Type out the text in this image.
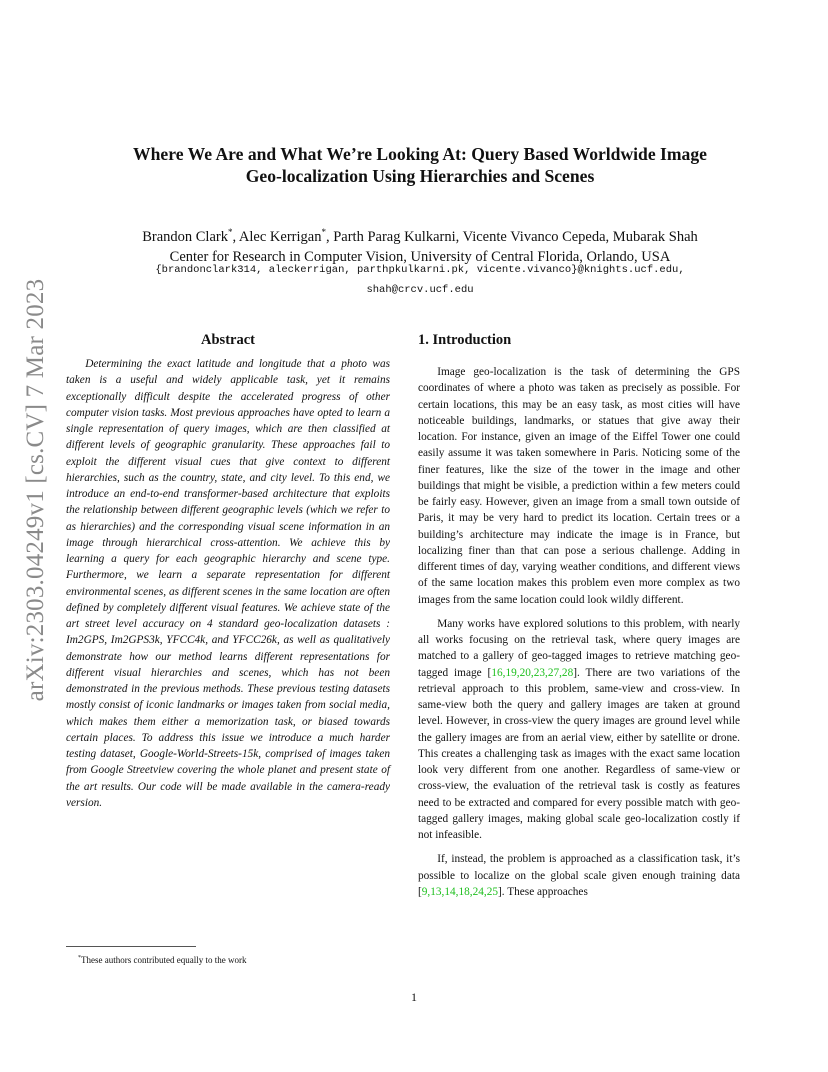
arXiv:2303.04249v1 [cs.CV] 7 Mar 2023
Where We Are and What We’re Looking At: Query Based Worldwide Image
Geo-localization Using Hierarchies and Scenes
Brandon Clark*, Alec Kerrigan*, Parth Parag Kulkarni, Vicente Vivanco Cepeda, Mubarak Shah
Center for Research in Computer Vision, University of Central Florida, Orlando, USA
{brandonclark314, aleckerrigan, parthpkulkarni.pk, vicente.vivanco}@knights.ucf.edu,
shah@crcv.ucf.edu
Abstract

Determining the exact latitude and longitude that a photo was taken is a useful and widely applicable task, yet it remains exceptionally difficult despite the accelerated progress of other computer vision tasks. Most previous approaches have opted to learn a single representation of query images, which are then classified at different levels of geographic granularity. These approaches fail to exploit the different visual cues that give context to different hierarchies, such as the country, state, and city level. To this end, we introduce an end-to-end transformer-based architecture that exploits the relationship between different geographic levels (which we refer to as hierarchies) and the corresponding visual scene information in an image through hierarchical cross-attention. We achieve this by learning a query for each geographic hierarchy and scene type. Furthermore, we learn a separate representation for different environmental scenes, as different scenes in the same location are often defined by completely different visual features. We achieve state of the art street level accuracy on 4 standard geo-localization datasets : Im2GPS, Im2GPS3k, YFCC4k, and YFCC26k, as well as qualitatively demonstrate how our method learns different representations for different visual hierarchies and scenes, which has not been demonstrated in the previous methods. These previous testing datasets mostly consist of iconic landmarks or images taken from social media, which makes them either a memorization task, or biased towards certain places. To address this issue we introduce a much harder testing dataset, Google-World-Streets-15k, comprised of images taken from Google Streetview covering the whole planet and present state of the art results. Our code will be made available in the camera-ready version.

1. Introduction

Image geo-localization is the task of determining the GPS coordinates of where a photo was taken as precisely as possible. For certain locations, this may be an easy task, as most cities will have noticeable buildings, landmarks, or statues that give away their location. For instance, given an image of the Eiffel Tower one could easily assume it was taken somewhere in Paris. Noticing some of the finer features, like the size of the tower in the image and other buildings that might be visible, a prediction within a few meters could be fairly easy. However, given an image from a small town outside of Paris, it may be very hard to predict its location. Certain trees or a building’s architecture may indicate the image is in France, but localizing finer than that can pose a serious challenge. Adding in different times of day, varying weather conditions, and different views of the same location makes this problem even more complex as two images from the same location could look wildly different.

Many works have explored solutions to this problem, with nearly all works focusing on the retrieval task, where query images are matched to a gallery of geo-tagged images to retrieve matching geo-tagged image [16,19,20,23,27,28]. There are two variations of the retrieval approach to this problem, same-view and cross-view. In same-view both the query and gallery images are taken at ground level. However, in cross-view the query images are ground level while the gallery images are from an aerial view, either by satellite or drone. This creates a challenging task as images with the exact same location look very different from one another. Regardless of same-view or cross-view, the evaluation of the retrieval task is costly as features need to be extracted and compared for every possible match with geo-tagged gallery images, making global scale geo-localization costly if not infeasible.

If, instead, the problem is approached as a classification task, it’s possible to localize on the global scale given enough training data [9,13,14,18,24,25]. These approaches

*These authors contributed equally to the work
1
